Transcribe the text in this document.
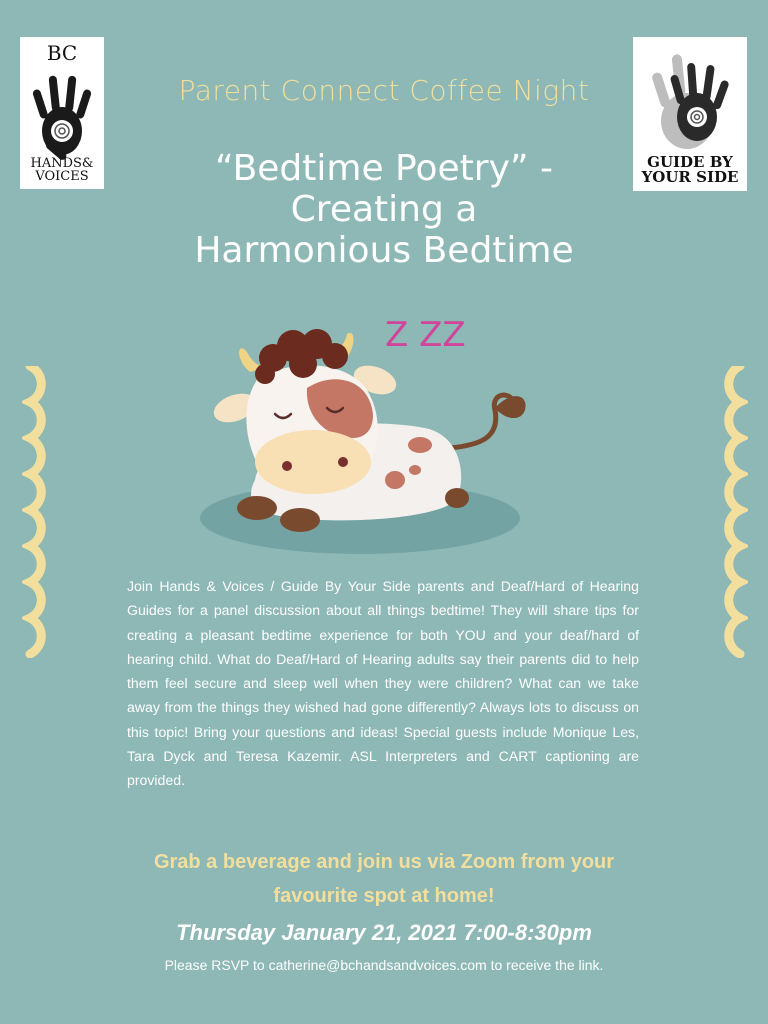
BC
HANDS&
VOICES
GUIDE BY
YOUR SIDE
Parent Connect Coffee Night
“Bedtime Poetry” -
Creating a
Harmonious Bedtime
Z ZZ
Join Hands & Voices / Guide By Your Side parents and Deaf/Hard of Hearing Guides for a panel discussion about all things bedtime! They will share tips for creating a pleasant bedtime experience for both YOU and your deaf/hard of hearing child. What do Deaf/Hard of Hearing adults say their parents did to help them feel secure and sleep well when they were children? What can we take away from the things they wished had gone differently? Always lots to discuss on this topic! Bring your questions and ideas! Special guests include Monique Les, Tara Dyck and Teresa Kazemir. ASL Interpreters and CART captioning are provided.
Grab a beverage and join us via Zoom from your
favourite spot at home!
Thursday January 21, 2021 7:00-8:30pm
Please RSVP to catherine@bchandsandvoices.com to receive the link.
